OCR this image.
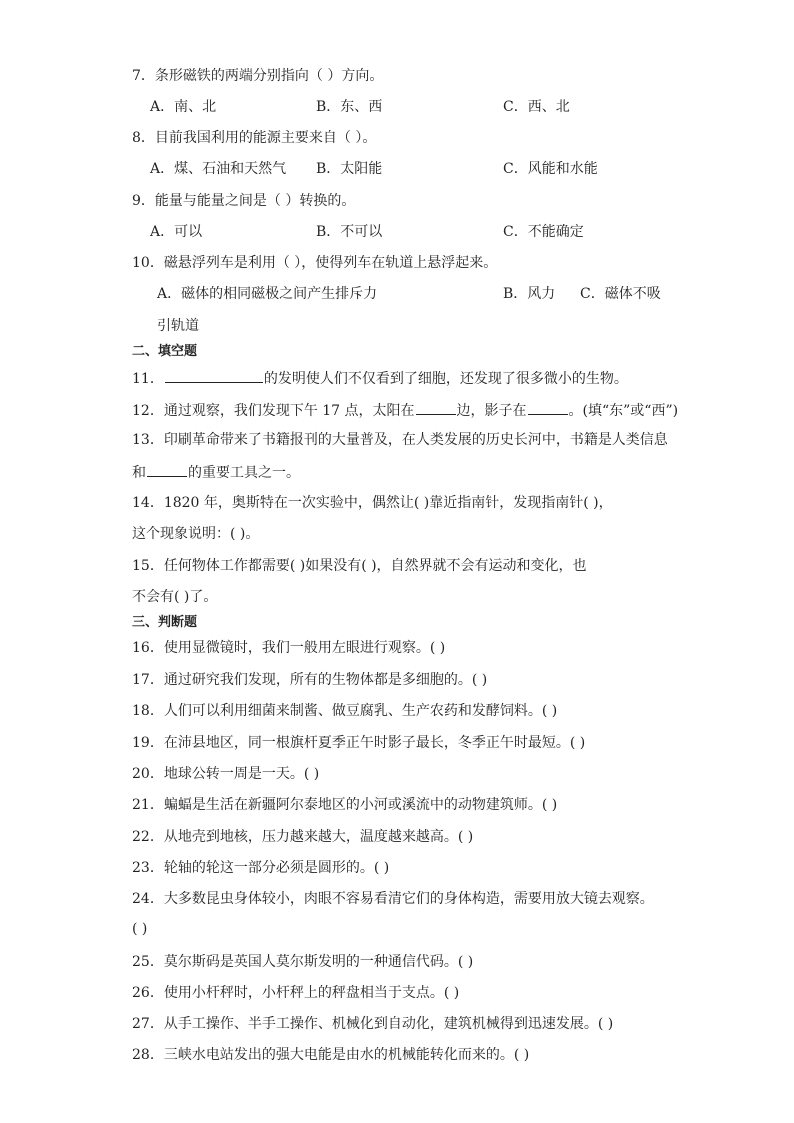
7．条形磁铁的两端分别指向（ ）方向。
A．南、北	B．东、西	C．西、北
8．目前我国利用的能源主要来自（ ）。
A．煤、石油和天然气 B．太阳能	C．风能和水能
9．能量与能量之间是（ ）转换的。
A．可以	B．不可以	C．不能确定
10．磁悬浮列车是利用（ ），使得列车在轨道上悬浮起来。
A．磁体的相同磁极之间产生排斥力	B．风力 C．磁体不吸
引轨道
二、填空题
11．	的发明使人们不仅看到了细胞，还发现了很多微小的生物。
12．通过观察，我们发现下午 17 点，太阳在	边，影子在	。(填“东”或“西”)
13．印刷革命带来了书籍报刊的大量普及，在人类发展的历史长河中，书籍是人类信息
和	的重要工具之一。
14．1820 年，奥斯特在一次实验中，偶然让( )靠近指南针，发现指南针( )，
这个现象说明：( )。
15．任何物体工作都需要( )如果没有( )，自然界就不会有运动和变化，也
不会有( )了。
三、判断题
16．使用显微镜时，我们一般用左眼进行观察。( )
17．通过研究我们发现，所有的生物体都是多细胞的。( )
18．人们可以利用细菌来制酱、做豆腐乳、生产农药和发酵饲料。( )
19．在沛县地区，同一根旗杆夏季正午时影子最长，冬季正午时最短。( )
20．地球公转一周是一天。( )
21．蝙蝠是生活在新疆阿尔泰地区的小河或溪流中的动物建筑师。( )
22．从地壳到地核，压力越来越大，温度越来越高。( )
23．轮轴的轮这一部分必须是圆形的。( )
24．大多数昆虫身体较小，肉眼不容易看清它们的身体构造，需要用放大镜去观察。
( )
25．莫尔斯码是英国人莫尔斯发明的一种通信代码。( )
26．使用小杆秤时，小杆秤上的秤盘相当于支点。( )
27．从手工操作、半手工操作、机械化到自动化，建筑机械得到迅速发展。( )
28．三峡水电站发出的强大电能是由水的机械能转化而来的。( )
